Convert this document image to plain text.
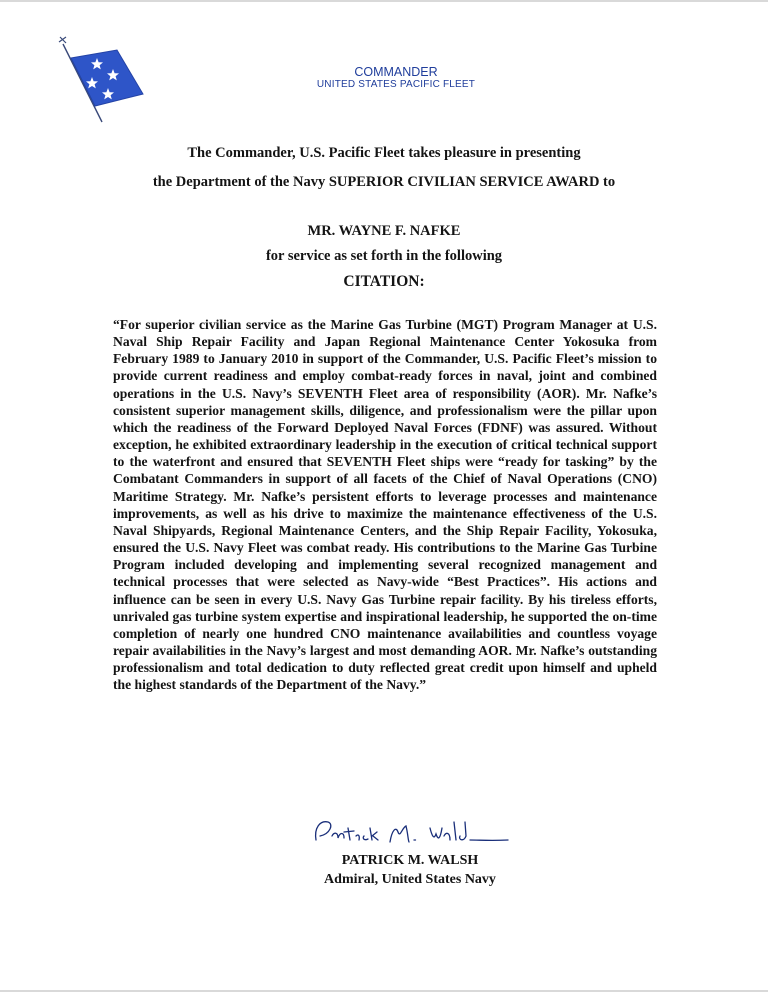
COMMANDER
UNITED STATES PACIFIC FLEET
The Commander, U.S. Pacific Fleet takes pleasure in presenting
the Department of the Navy SUPERIOR CIVILIAN SERVICE AWARD to
MR. WAYNE F. NAFKE
for service as set forth in the following
CITATION:

“For superior civilian service as the Marine Gas Turbine (MGT) Program Manager at U.S. Naval Ship Repair Facility and Japan Regional Maintenance Center Yokosuka from February 1989 to January 2010 in support of the Commander, U.S. Pacific Fleet’s mission to provide current readiness and employ combat-ready forces in naval, joint and combined operations in the U.S. Navy’s SEVENTH Fleet area of responsibility (AOR). Mr. Nafke’s consistent superior management skills, diligence, and professionalism were the pillar upon which the readiness of the Forward Deployed Naval Forces (FDNF) was assured. Without exception, he exhibited extraordinary leadership in the execution of critical technical support to the waterfront and ensured that SEVENTH Fleet ships were “ready for tasking” by the Combatant Commanders in support of all facets of the Chief of Naval Operations (CNO) Maritime Strategy. Mr. Nafke’s persistent efforts to leverage processes and maintenance improvements, as well as his drive to maximize the maintenance effectiveness of the U.S. Naval Shipyards, Regional Maintenance Centers, and the Ship Repair Facility, Yokosuka, ensured the U.S. Navy Fleet was combat ready. His contributions to the Marine Gas Turbine Program included developing and implementing several recognized management and technical processes that were selected as Navy-wide “Best Practices”. His actions and influence can be seen in every U.S. Navy Gas Turbine repair facility. By his tireless efforts, unrivaled gas turbine system expertise and inspirational leadership, he supported the on-time completion of nearly one hundred CNO maintenance availabilities and countless voyage repair availabilities in the Navy’s largest and most demanding AOR. Mr. Nafke’s outstanding professionalism and total dedication to duty reflected great credit upon himself and upheld the highest standards of the Department of the Navy.”

PATRICK M. WALSH
Admiral, United States Navy
